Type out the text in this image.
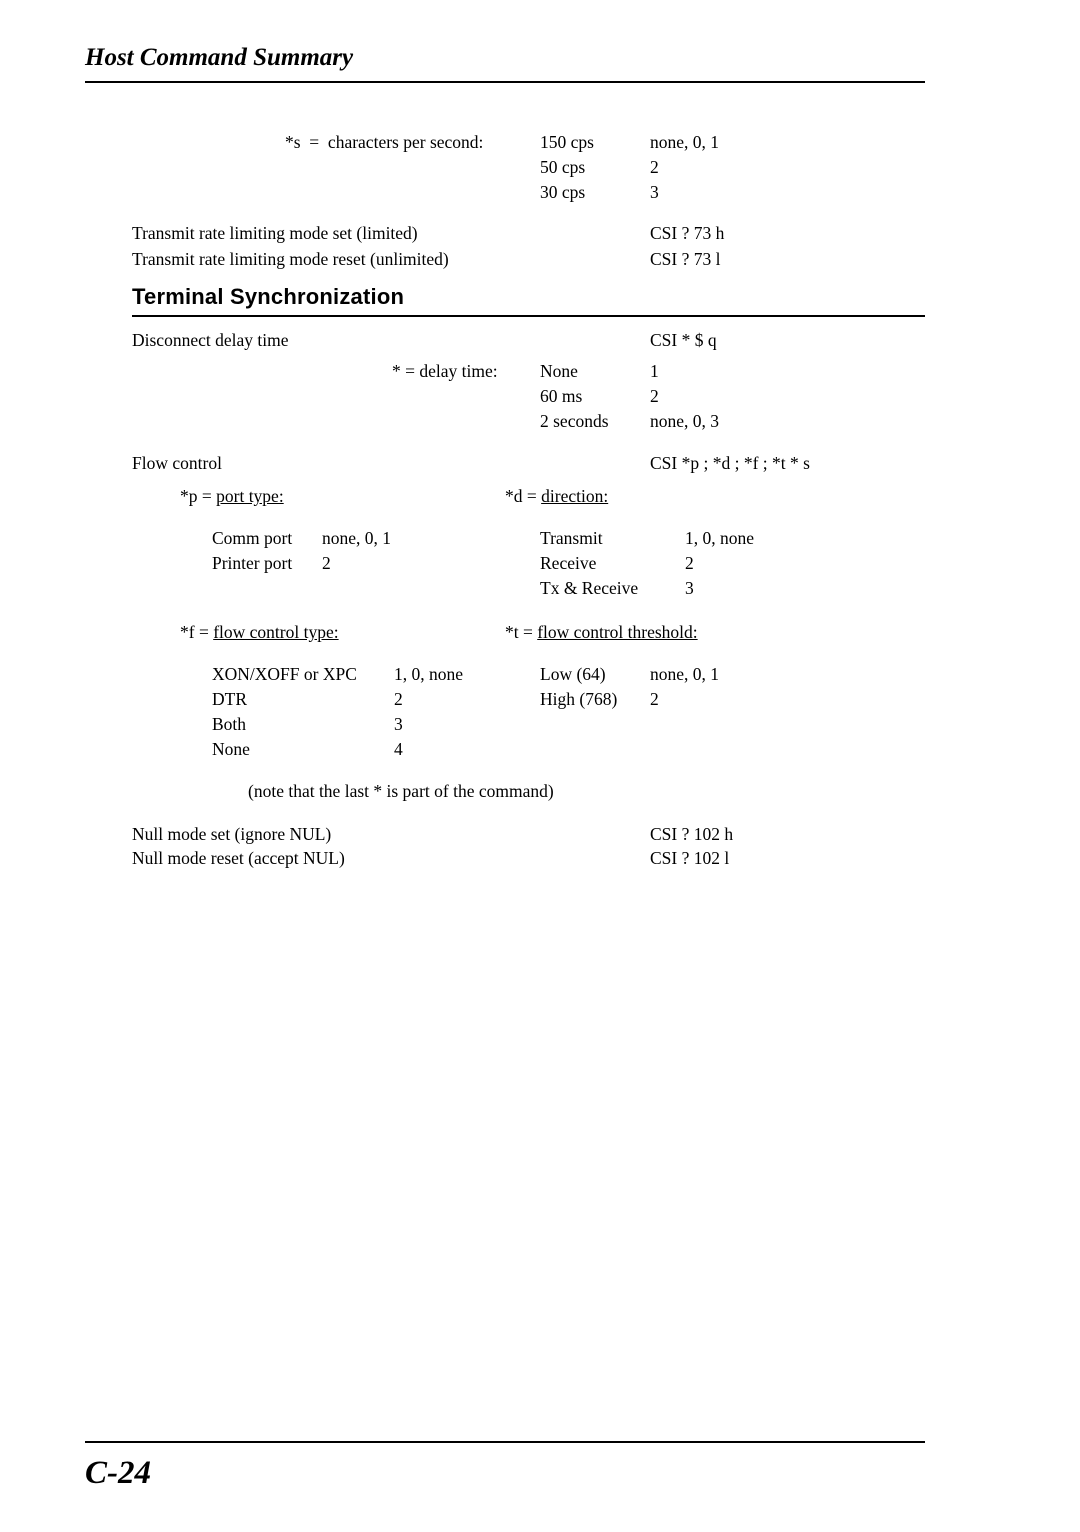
Host Command Summary
*s  =  characters per second:	150 cps	none, 0, 1
50 cps	2
30 cps	3
Transmit rate limiting mode set (limited)	CSI ? 73 h
Transmit rate limiting mode reset (unlimited)	CSI ? 73 l
Terminal Synchronization
Disconnect delay time	CSI * $ q
* = delay time: None	1
60 ms	2
2 seconds none, 0, 3
Flow control	CSI *p ; *d ; *f ; *t * s
*p = port type:	*d = direction:
Comm port none, 0, 1
Printer port 2
Transmit	1, 0, none
Receive	2
Tx & Receive	3
*f = flow control type:	*t = flow control threshold:
XON/XOFF or XPC 1, 0, none
DTR	2
Both	3
None	4
Low (64)	none, 0, 1
High (768) 2
(note that the last * is part of the command)
Null mode set (ignore NUL)	CSI ? 102 h
Null mode reset (accept NUL)	CSI ? 102 l
C-24
